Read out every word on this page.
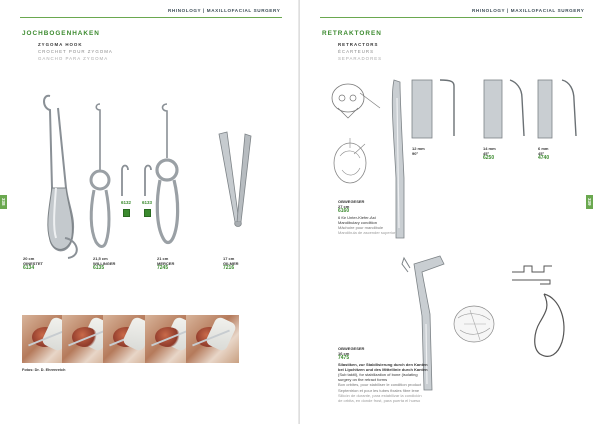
RHINOLOGY | MAXILLOFACIAL SURGERY
338
JOCHBOGENHAKEN
ZYGOMA HOOK
CROCHET POUR ZYGOMA
GANCHO PARA ZYGOMA
6132 6133
20 cm
GINESTET
6134
21,5 cm
WILLINGER
6135
21 cm
MERCER
7245
17 cm
GILMER
7216
Fotos: Dr. D. Ehrenreich
RHINOLOGY | MAXILLOFACIAL SURGERY
339
RETRAKTOREN
RETRACTORS
ÉCARTEURS
SEPARADORES
12 mm
90°
14 mm
45°
6250
6 mm
45°
4740
OBWEGESER
27 cm
6160
6 für Unter-Kiefer-Ast
Mandibulary condition
Mâchoire pour mandibule
Mandíbula de ascender superior
OBWEGESER
16 cm
7475
Silastiken, zur Stabilisierung durch den Kanten
bei Lipchitzen und des Mittellinie durch Kanten
(Sub taktil), for stabilization of bone (isolating
surgery on the retract forms
Bon orbites, pour stabiliser le condition product
Septentrion et pour les tubes fixales fibre lene
Silicón de durante, para estabilizar la condición
de orbita, en donde frost, para puerta el hueso
